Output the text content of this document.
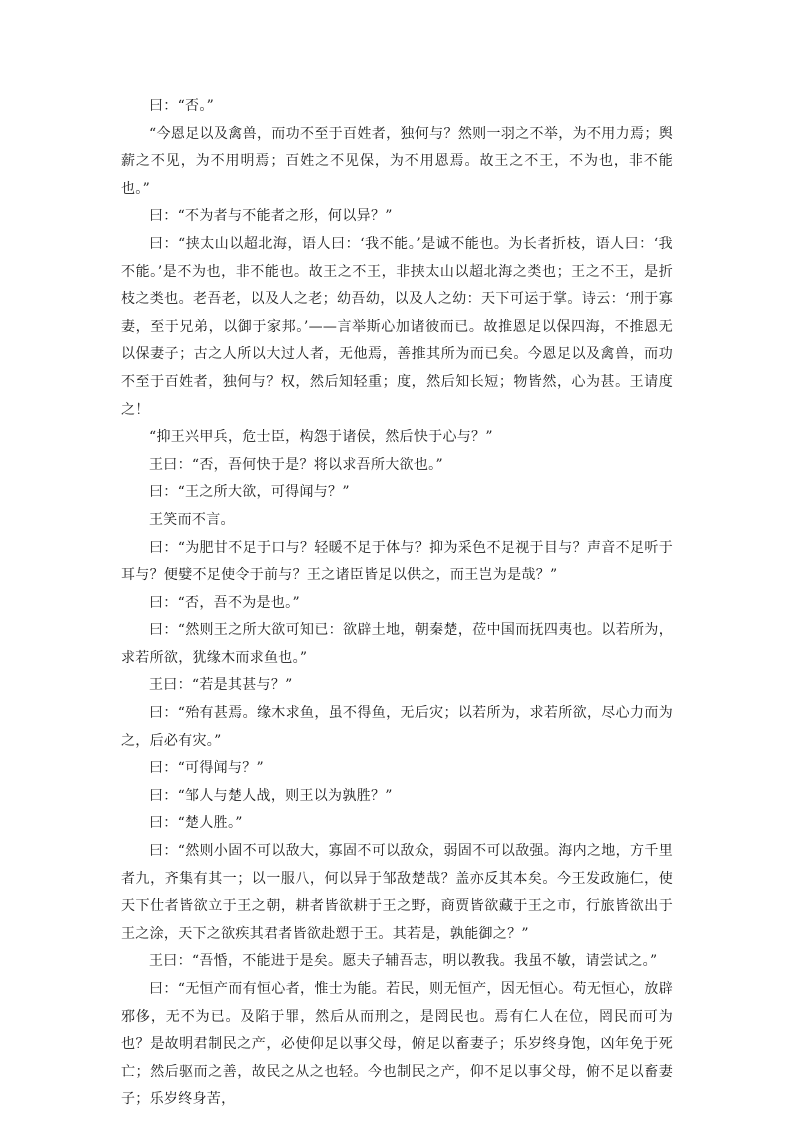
曰：“否。”

“今恩足以及禽兽，而功不至于百姓者，独何与？然则一羽之不举，为不用力焉；舆薪之不见，为不用明焉；百姓之不见保，为不用恩焉。故王之不王，不为也，非不能也。”

曰：“不为者与不能者之形，何以异？”

曰：“挟太山以超北海，语人曰：‘我不能。’是诚不能也。为长者折枝，语人曰：‘我不能。’是不为也，非不能也。故王之不王，非挟太山以超北海之类也；王之不王，是折枝之类也。老吾老，以及人之老；幼吾幼，以及人之幼：天下可运于掌。诗云：‘刑于寡妻，至于兄弟，以御于家邦。’——言举斯心加诸彼而已。故推恩足以保四海，不推恩无以保妻子；古之人所以大过人者，无他焉，善推其所为而已矣。今恩足以及禽兽，而功不至于百姓者，独何与？权，然后知轻重；度，然后知长短；物皆然，心为甚。王请度之！

“抑王兴甲兵，危士臣，构怨于诸侯，然后快于心与？”

王曰：“否，吾何快于是？将以求吾所大欲也。”

曰：“王之所大欲，可得闻与？”

王笑而不言。

曰：“为肥甘不足于口与？轻暖不足于体与？抑为采色不足视于目与？声音不足听于耳与？便嬖不足使令于前与？王之诸臣皆足以供之，而王岂为是哉？”

曰：“否，吾不为是也。”

曰：“然则王之所大欲可知已：欲辟土地，朝秦楚，莅中国而抚四夷也。以若所为，求若所欲，犹缘木而求鱼也。”

王曰：“若是其甚与？”

曰：“殆有甚焉。缘木求鱼，虽不得鱼，无后灾；以若所为，求若所欲，尽心力而为之，后必有灾。”

曰：“可得闻与？”

曰：“邹人与楚人战，则王以为孰胜？”

曰：“楚人胜。”

曰：“然则小固不可以敌大，寡固不可以敌众，弱固不可以敌强。海内之地，方千里者九，齐集有其一；以一服八，何以异于邹敌楚哉？盖亦反其本矣。今王发政施仁，使天下仕者皆欲立于王之朝，耕者皆欲耕于王之野，商贾皆欲藏于王之市，行旅皆欲出于王之涂，天下之欲疾其君者皆欲赴愬于王。其若是，孰能御之？”

王曰：“吾惛，不能进于是矣。愿夫子辅吾志，明以教我。我虽不敏，请尝试之。”

曰：“无恒产而有恒心者，惟士为能。若民，则无恒产，因无恒心。苟无恒心，放辟邪侈，无不为已。及陷于罪，然后从而刑之，是罔民也。焉有仁人在位，罔民而可为也？是故明君制民之产，必使仰足以事父母，俯足以畜妻子；乐岁终身饱，凶年免于死亡；然后驱而之善，故民之从之也轻。今也制民之产，仰不足以事父母，俯不足以畜妻子；乐岁终身苦，
